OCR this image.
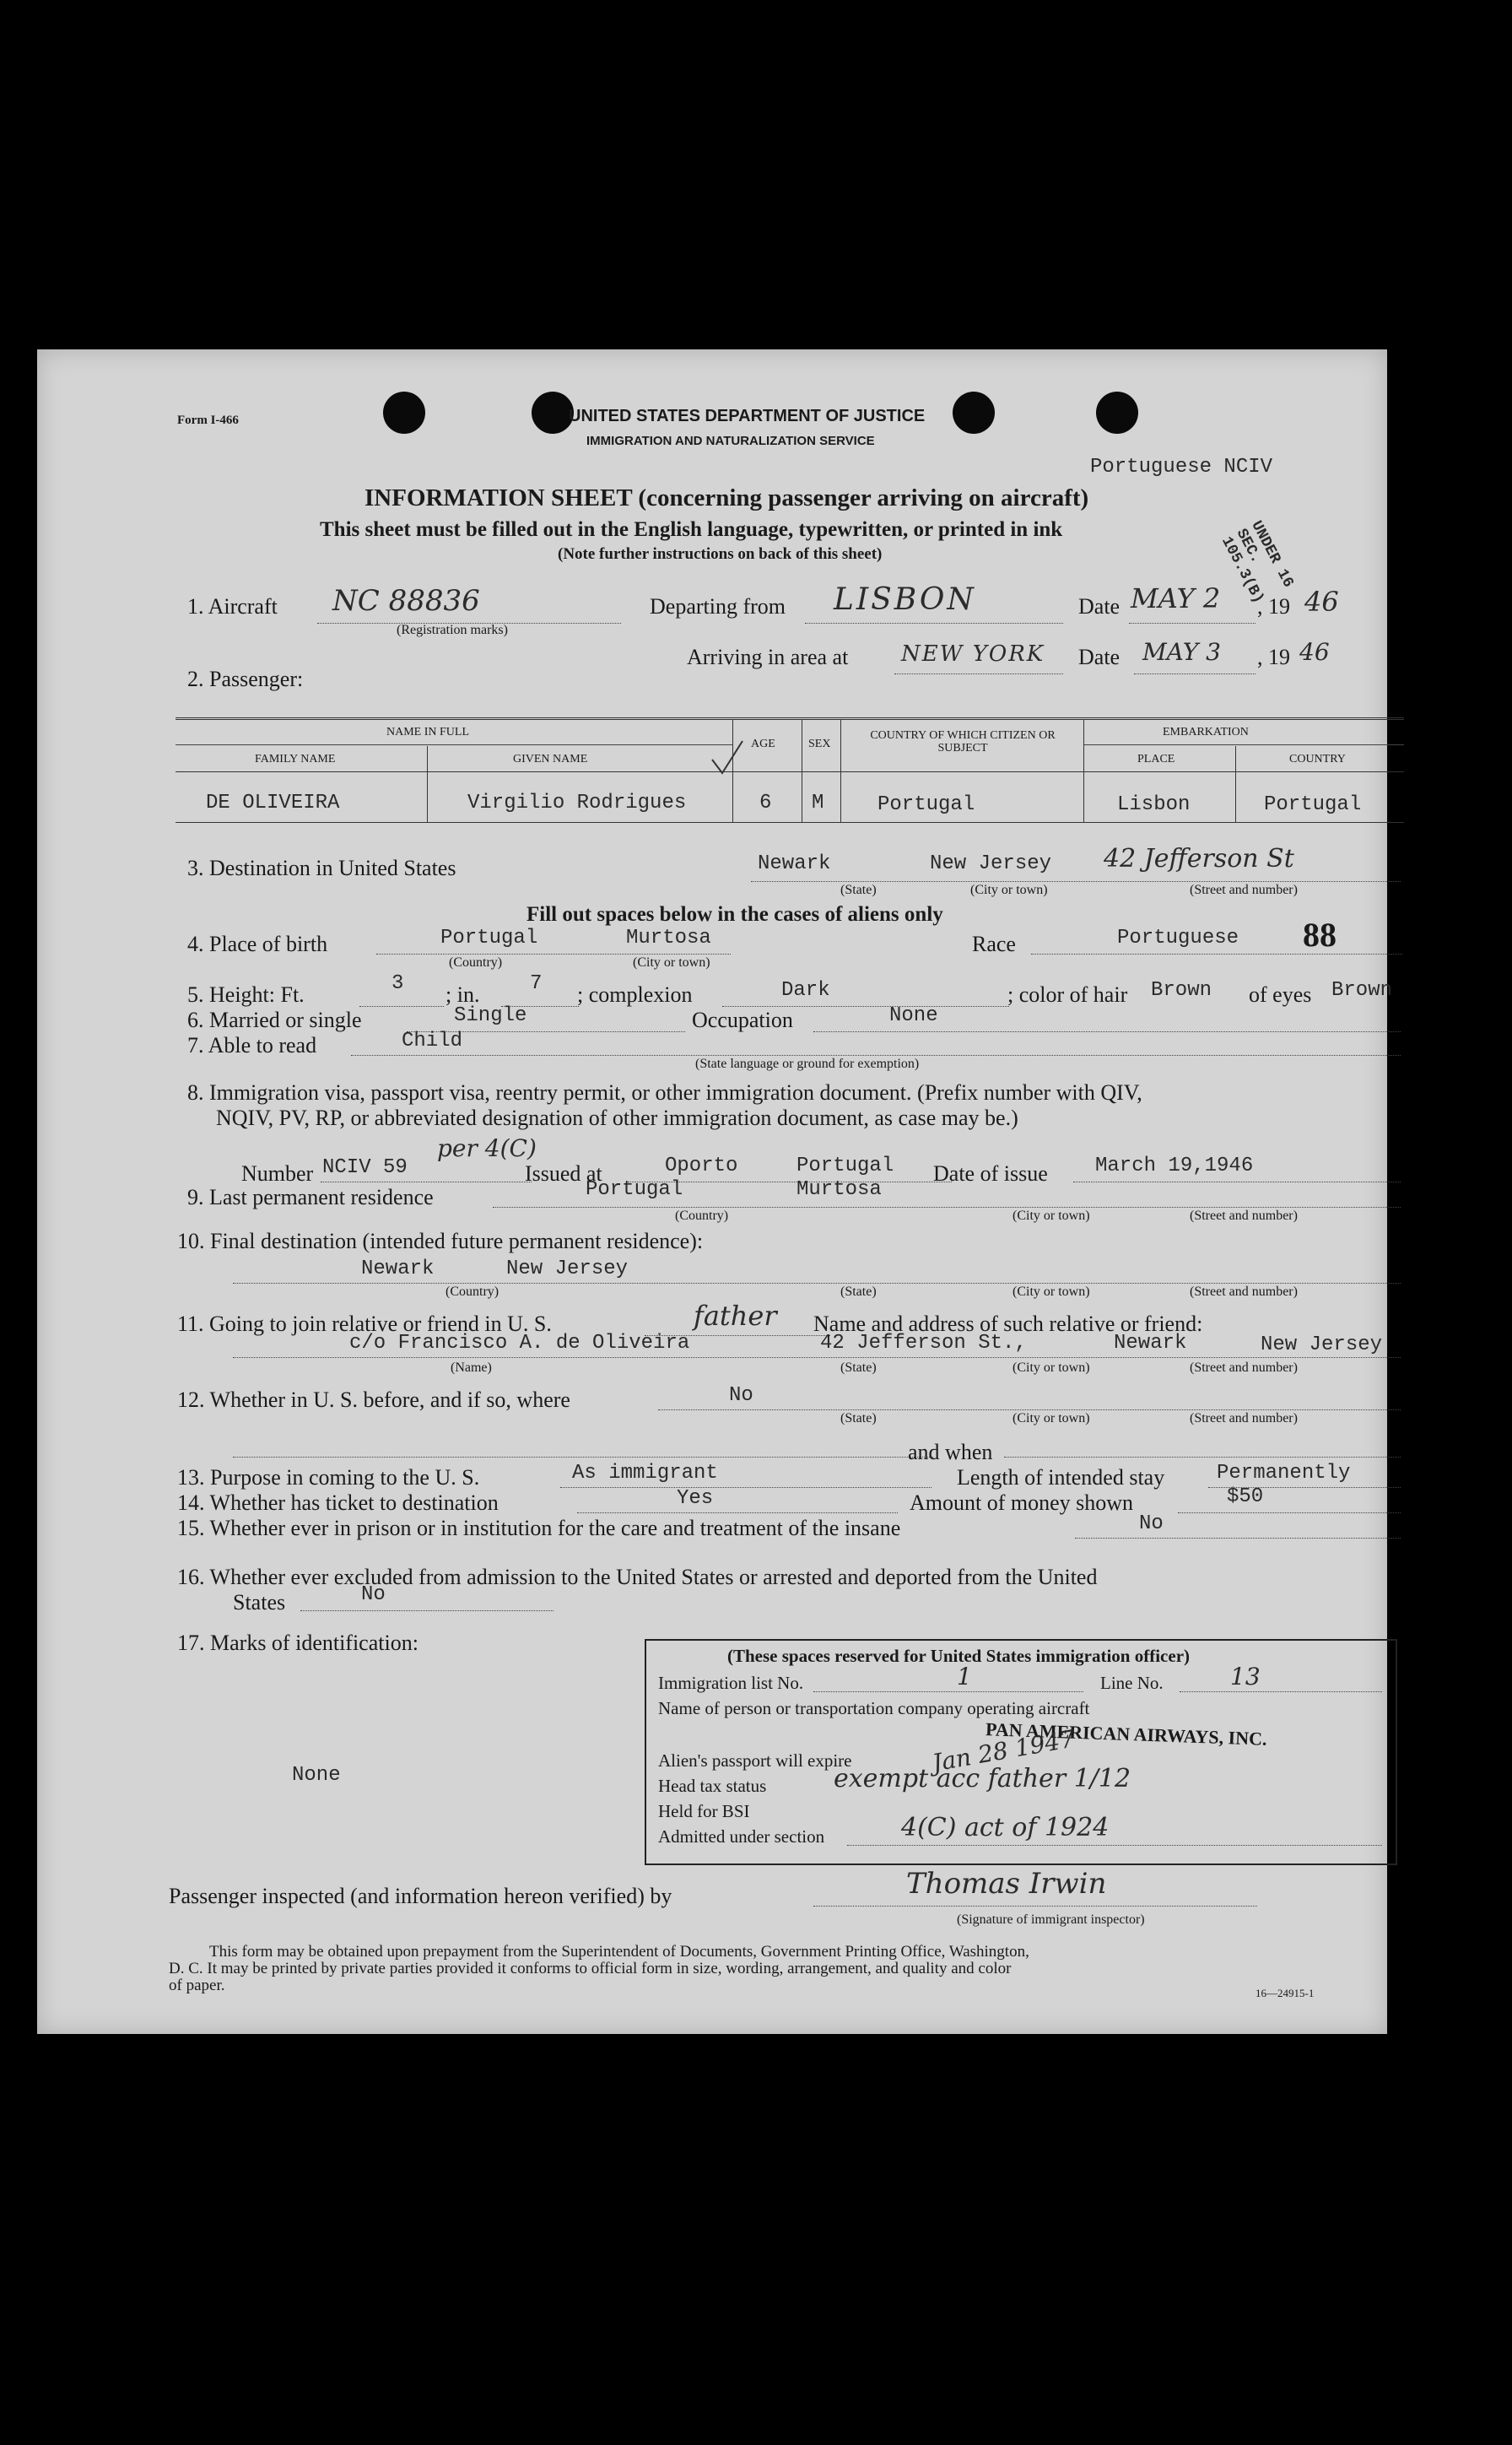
Form I-466	UNITED STATES DEPARTMENT OF JUSTICE
IMMIGRATION AND NATURALIZATION SERVICE
Portuguese NCIV
UNDER 16 SEC. 105.3(B)
INFORMATION SHEET (concerning passenger arriving on aircraft)
This sheet must be filled out in the English language, typewritten, or printed in ink
(Note further instructions on back of this sheet)
1. Aircraft NC 88836
(Registration marks)
Departing from LISBON	Date MAY 2 , 19 46
Arriving in area at NEW YORK Date MAY 3 , 19 46
2. Passenger:
NAME IN FULL
FAMILY NAME	GIVEN NAME
AGE	SEX
COUNTRY OF WHICH CITIZEN OR SUBJECT
EMBARKATION
PLACE	COUNTRY
DE OLIVEIRA	Virgilio Rodrigues	6 M	Portugal	Lisbon	Portugal
3. Destination in United States	Newark	New Jersey 42 Jefferson St
(State)	(City or town)	(Street and number)
Fill out spaces below in the cases of aliens only
4. Place of birth	Portugal	Murtosa
(Country)	(City or town)
Race	Portuguese 88
5. Height: Ft.	3 ; in. 7 ; complexion	Dark	; color of hair Brown of eyes Brown
6. Married or single	Single	Occupation	None
7. Able to read	Child
(State language or ground for exemption)
8. Immigration visa, passport visa, reentry permit, or other immigration document. (Prefix number with QIV,
NQIV, PV, RP, or abbreviated designation of other immigration document, as case may be.)
Number NCIV 59
per 4(C)
Issued at	Oporto	Portugal Date of issue March 19,1946
9. Last permanent residence	Portugal	Murtosa
(Country)	(City or town)	(Street and number)
10. Final destination (intended future permanent residence):
Newark	New Jersey
(Country)	(State)	(City or town)	(Street and number)
11. Going to join relative or friend in U. S.	father Name and address of such relative or friend:
c/o Francisco A. de Oliveira	42 Jefferson St.,	Newark	New Jersey
(Name)	(State)	(City or town)	(Street and number)
12. Whether in U. S. before, and if so, where	No
(State)	(City or town)	(Street and number)
and when
13. Purpose in coming to the U. S.	As immigrant	Length of intended stay	Permanently
14. Whether has ticket to destination	Yes	Amount of money shown	$50
15. Whether ever in prison or in institution for the care and treatment of the insane	No
16. Whether ever excluded from admission to the United States or arrested and deported from the United
States	No
17. Marks of identification:
None
(These spaces reserved for United States immigration officer)
Immigration list No.	1	Line No.	13
Name of person or transportation company operating aircraft
PAN AMERICAN AIRWAYS, INC.
Alien's passport will expire	Jan 28 1947
Head tax status	exempt acc father 1/12
Held for BSI
Admitted under section	4(C) act of 1924
Passenger inspected (and information hereon verified) by	Thomas Irwin
(Signature of immigrant inspector)
This form may be obtained upon prepayment from the Superintendent of Documents, Government Printing Office, Washington,
D. C. It may be printed by private parties provided it conforms to official form in size, wording, arrangement, and quality and color
of paper.	16—24915-1
